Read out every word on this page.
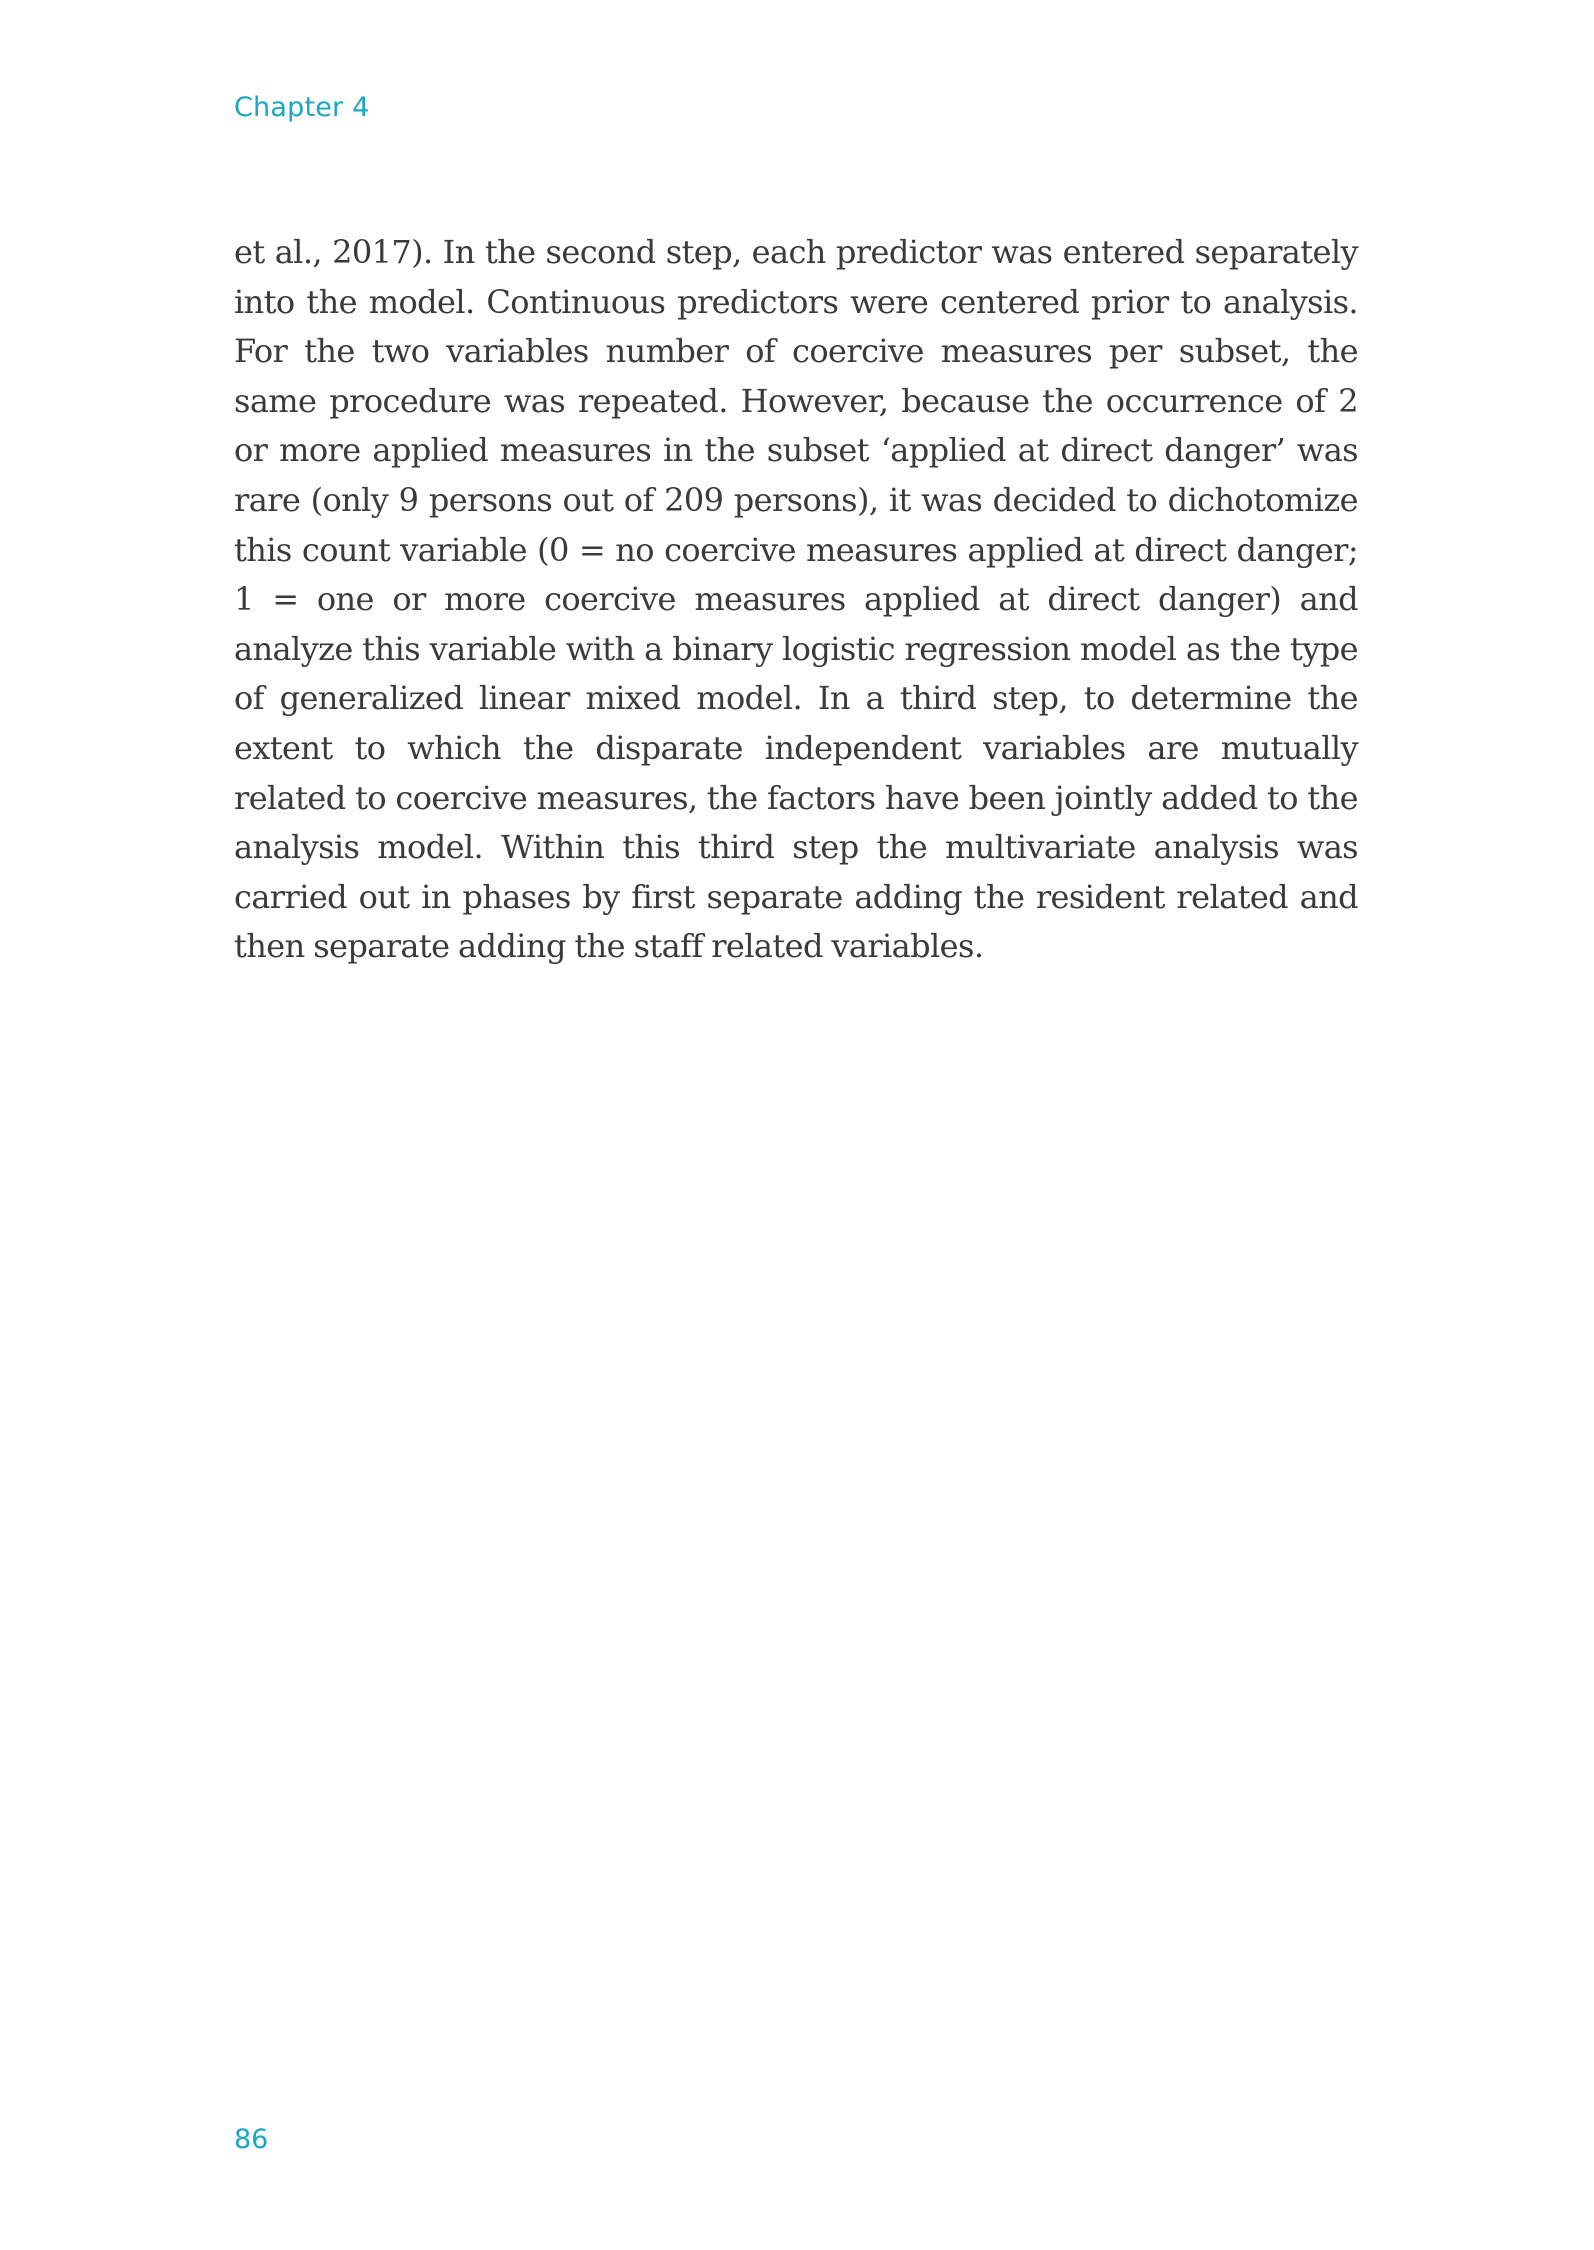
Chapter 4

et al., 2017). In the second step, each predictor was entered separately into the model. Continuous predictors were centered prior to analysis. For the two variables number of coercive measures per subset, the same procedure was repeated. However, because the occurrence of 2 or more applied measures in the subset ‘applied at direct danger’ was rare (only 9 persons out of 209 persons), it was decided to dichotomize this count variable (0 = no coercive measures applied at direct danger; 1 = one or more coercive measures applied at direct danger) and analyze this variable with a binary logistic regression model as the type of generalized linear mixed model. In a third step, to determine the extent to which the disparate independent variables are mutually related to coercive measures, the factors have been jointly added to the analysis model. Within this third step the multivariate analysis was carried out in phases by first separate adding the resident related and then separate adding the staff related variables.

86
